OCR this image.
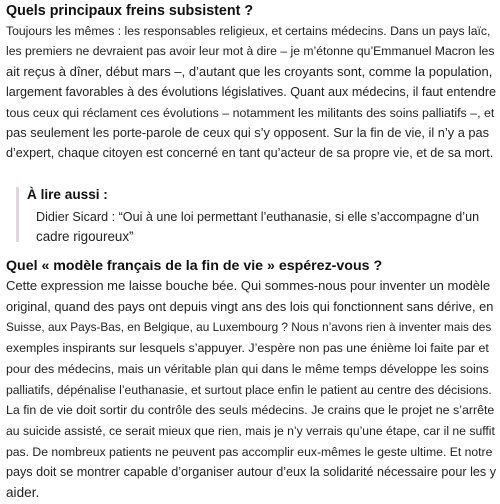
Quels principaux freins subsistent ?
Toujours les mêmes : les responsables religieux, et certains médecins. Dans un pays laïc,
les premiers ne devraient pas avoir leur mot à dire – je m’étonne qu’Emmanuel Macron les
ait reçus à dîner, début mars –, d’autant que les croyants sont, comme la population,
largement favorables à des évolutions législatives. Quant aux médecins, il faut entendre
tous ceux qui réclament ces évolutions – notamment les militants des soins palliatifs –, et
pas seulement les porte-parole de ceux qui s’y opposent. Sur la fin de vie, il n’y a pas
d’expert, chaque citoyen est concerné en tant qu’acteur de sa propre vie, et de sa mort.
À lire aussi :
Didier Sicard : “Oui à une loi permettant l’euthanasie, si elle s’accompagne d’un
cadre rigoureux”
Quel « modèle français de la fin de vie » espérez-vous ?
Cette expression me laisse bouche bée. Qui sommes-nous pour inventer un modèle
original, quand des pays ont depuis vingt ans des lois qui fonctionnent sans dérive, en
Suisse, aux Pays-Bas, en Belgique, au Luxembourg ? Nous n’avons rien à inventer mais des
exemples inspirants sur lesquels s’appuyer. J’espère non pas une énième loi faite par et
pour des médecins, mais un véritable plan qui dans le même temps développe les soins
palliatifs, dépénalise l’euthanasie, et surtout place enfin le patient au centre des décisions.
La fin de vie doit sortir du contrôle des seuls médecins. Je crains que le projet ne s’arrête
au suicide assisté, ce serait mieux que rien, mais je n’y verrais qu’une étape, car il ne suffit
pas. De nombreux patients ne peuvent pas accomplir eux-mêmes le geste ultime. Et notre
pays doit se montrer capable d’organiser autour d’eux la solidarité nécessaire pour les y
aider.
